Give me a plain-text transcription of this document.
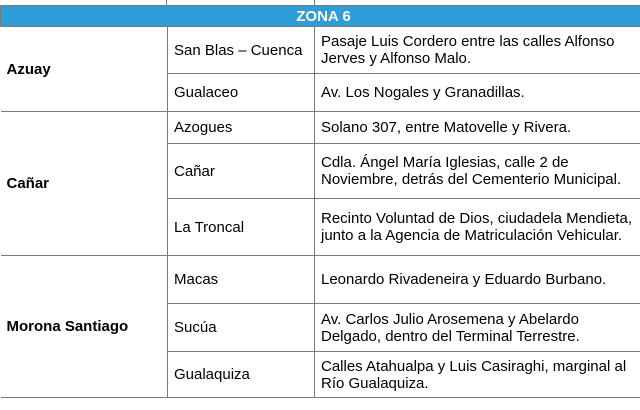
ZONA 6		
Azuay	San Blas – Cuenca	Pasaje Luis Cordero entre las calles Alfonso Jerves y Alfonso Malo.
	Gualaceo	Av. Los Nogales y Granadillas.
Cañar	Azogues	Solano 307, entre Matovelle y Rivera.
	Cañar	Cdla. Ángel María Iglesias, calle 2 de Noviembre, detrás del Cementerio Municipal.
	La Troncal	Recinto Voluntad de Dios, ciudadela Mendieta, junto a la Agencia de Matriculación Vehicular.
Morona Santiago	Macas	Leonardo Rivadeneira y Eduardo Burbano.
	Sucúa	Av. Carlos Julio Arosemena y Abelardo Delgado, dentro del Terminal Terrestre.
	Gualaquiza	Calles Atahualpa y Luis Casiraghi, marginal al Río Gualaquiza.
